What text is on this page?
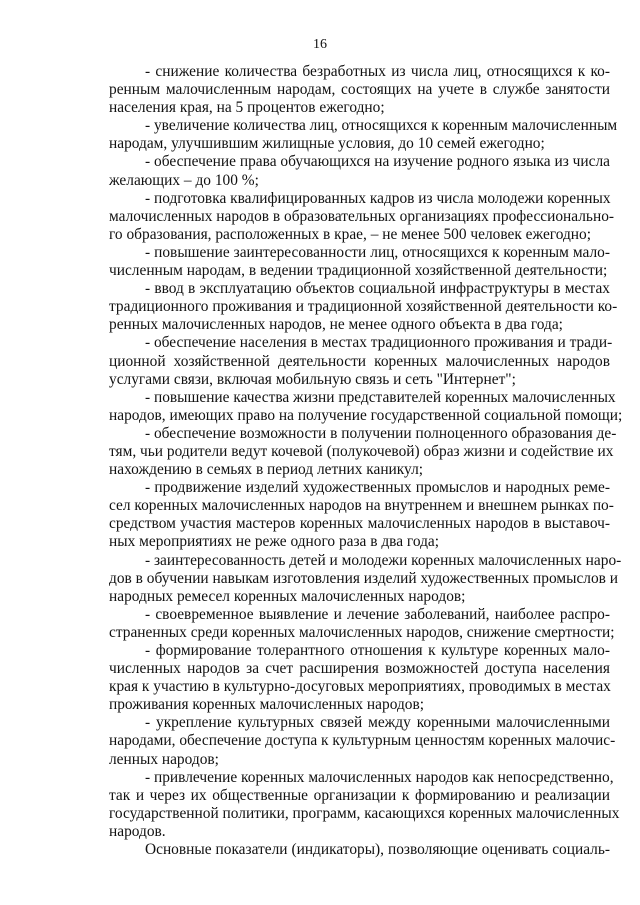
16

- снижение количества безработных из числа лиц, относящихся к ко-
ренным малочисленным народам, состоящих на учете в службе занятости
населения края, на 5 процентов ежегодно;

- увеличение количества лиц, относящихся к коренным малочисленным
народам, улучшившим жилищные условия, до 10 семей ежегодно;

- обеспечение права обучающихся на изучение родного языка из числа
желающих – до 100 %;

- подготовка квалифицированных кадров из числа молодежи коренных
малочисленных народов в образовательных организациях профессионально-
го образования, расположенных в крае, – не менее 500 человек ежегодно;

- повышение заинтересованности лиц, относящихся к коренным мало-
численным народам, в ведении традиционной хозяйственной деятельности;

- ввод в эксплуатацию объектов социальной инфраструктуры в местах
традиционного проживания и традиционной хозяйственной деятельности ко-
ренных малочисленных народов, не менее одного объекта в два года;

- обеспечение населения в местах традиционного проживания и тради-
ционной хозяйственной деятельности коренных малочисленных народов
услугами связи, включая мобильную связь и сеть "Интернет";

- повышение качества жизни представителей коренных малочисленных
народов, имеющих право на получение государственной социальной помощи;

- обеспечение возможности в получении полноценного образования де-
тям, чьи родители ведут кочевой (полукочевой) образ жизни и содействие их
нахождению в семьях в период летних каникул;

- продвижение изделий художественных промыслов и народных реме-
сел коренных малочисленных народов на внутреннем и внешнем рынках по-
средством участия мастеров коренных малочисленных народов в выставоч-
ных мероприятиях не реже одного раза в два года;

- заинтересованность детей и молодежи коренных малочисленных наро-
дов в обучении навыкам изготовления изделий художественных промыслов и
народных ремесел коренных малочисленных народов;

- своевременное выявление и лечение заболеваний, наиболее распро-
страненных среди коренных малочисленных народов, снижение смертности;

- формирование толерантного отношения к культуре коренных мало-
численных народов за счет расширения возможностей доступа населения
края к участию в культурно-досуговых мероприятиях, проводимых в местах
проживания коренных малочисленных народов;

- укрепление культурных связей между коренными малочисленными
народами, обеспечение доступа к культурным ценностям коренных малочис-
ленных народов;

- привлечение коренных малочисленных народов как непосредственно,
так и через их общественные организации к формированию и реализации
государственной политики, программ, касающихся коренных малочисленных
народов.

Основные показатели (индикаторы), позволяющие оценивать социаль-
